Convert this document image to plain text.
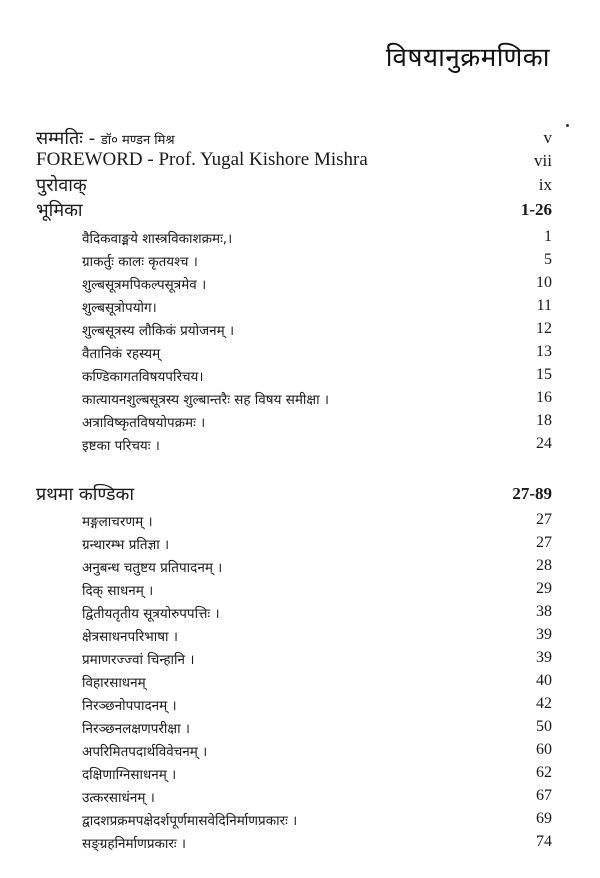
विषयानुक्रमणिका
सम्मतिः - डॉ० मण्डन मिश्र	v
FOREWORD - Prof. Yugal Kishore Mishra	vii
पुरोवाक्	ix
भूमिका	1-26
वैदिकवाङ्मये शास्त्रविकाशक्रमः,।	1
ग्राकर्तुः कालः कृतयश्च ।	5
शुल्बसूत्रमपिकल्पसूत्रमेव ।	10
शुल्बसूत्रोपयोग।	11
शुल्बसूत्रस्य लौकिकं प्रयोजनम् ।	12
वैतानिकं रहस्यम्	13
कण्डिकागतविषयपरिचय।	15
कात्यायनशुल्बसूत्रस्य शुल्बान्तरैः सह विषय समीक्षा ।	16
अत्राविष्कृतविषयोपक्रमः ।	18
इष्टका परिचयः ।	24
प्रथमा कण्डिका	27-89
मङ्गलाचरणम् ।	27
ग्रन्थारम्भ प्रतिज्ञा ।	27
अनुबन्ध चतुष्टय प्रतिपादनम् ।	28
दिक् साधनम् ।	29
द्वितीयतृतीय सूत्रयोरुपपत्तिः ।	38
क्षेत्रसाधनपरिभाषा ।	39
प्रमाणरज्ज्वां चिन्हानि ।	39
विहारसाधनम्	40
निरञ्छनोपपादनम् ।	42
निरञ्छनलक्षणपरीक्षा ।	50
अपरिमितपदार्थविवेचनम् ।	60
दक्षिणाग्निसाधनम् ।	62
उत्करसाधंनम् ।	67
द्वादशप्रक्रमपक्षेदर्शपूर्णमासवेदिनिर्माणप्रकारः ।	69
सङ्ग्रहनिर्माणप्रकारः ।	74
